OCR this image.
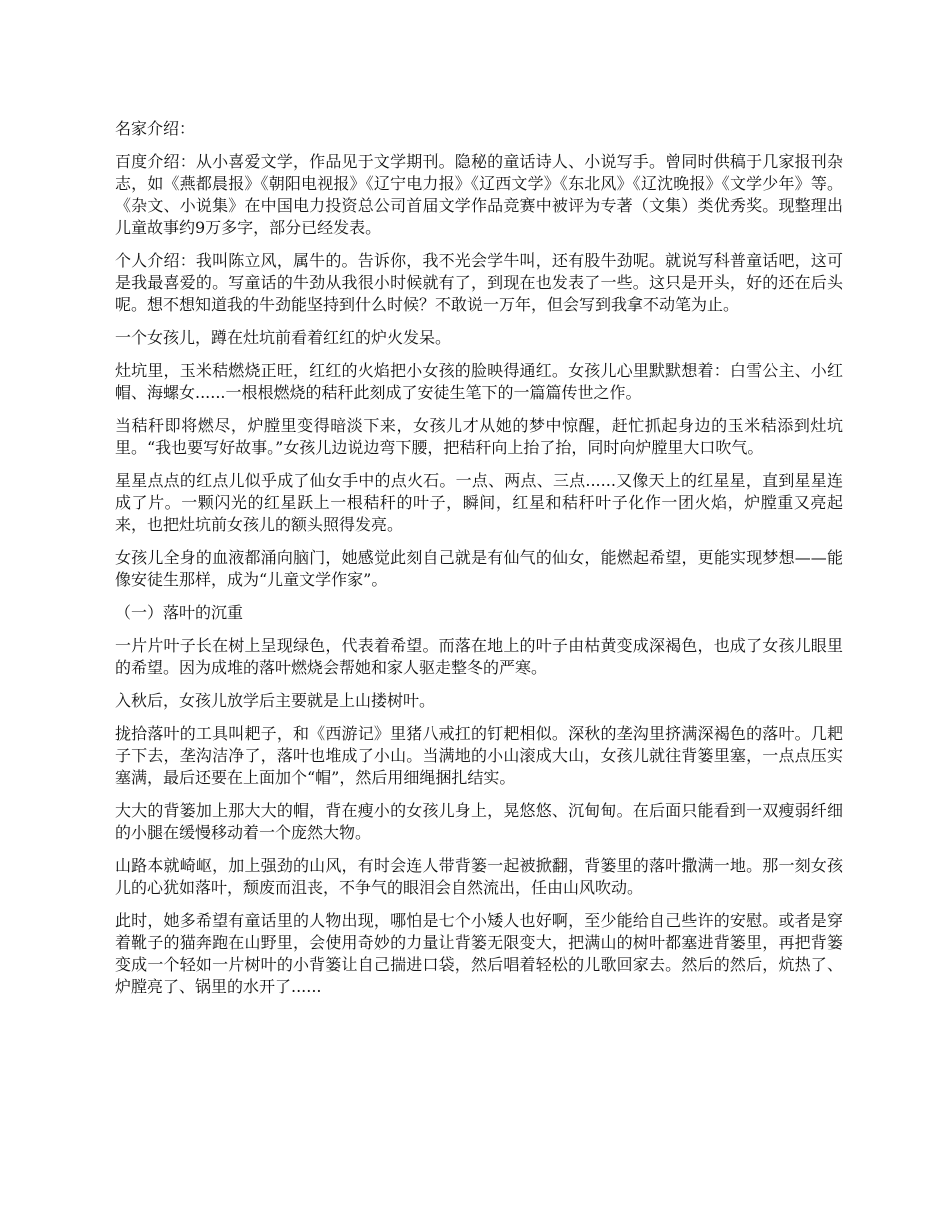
名家介绍：

百度介绍：从小喜爱文学，作品见于文学期刊。隐秘的童话诗人、小说写手。曾同时供稿于几家报刊杂志，如《燕都晨报》《朝阳电视报》《辽宁电力报》《辽西文学》《东北风》《辽沈晚报》《文学少年》等。《杂文、小说集》在中国电力投资总公司首届文学作品竞赛中被评为专著（文集）类优秀奖。现整理出儿童故事约9万多字，部分已经发表。

个人介绍：我叫陈立风，属牛的。告诉你，我不光会学牛叫，还有股牛劲呢。就说写科普童话吧，这可是我最喜爱的。写童话的牛劲从我很小时候就有了，到现在也发表了一些。这只是开头，好的还在后头呢。想不想知道我的牛劲能坚持到什么时候？不敢说一万年，但会写到我拿不动笔为止。

一个女孩儿，蹲在灶坑前看着红红的炉火发呆。

灶坑里，玉米秸燃烧正旺，红红的火焰把小女孩的脸映得通红。女孩儿心里默默想着：白雪公主、小红帽、海螺女......一根根燃烧的秸秆此刻成了安徒生笔下的一篇篇传世之作。

当秸秆即将燃尽，炉膛里变得暗淡下来，女孩儿才从她的梦中惊醒，赶忙抓起身边的玉米秸添到灶坑里。“我也要写好故事。”女孩儿边说边弯下腰，把秸秆向上抬了抬，同时向炉膛里大口吹气。

星星点点的红点儿似乎成了仙女手中的点火石。一点、两点、三点......又像天上的红星星，直到星星连成了片。一颗闪光的红星跃上一根秸秆的叶子，瞬间，红星和秸秆叶子化作一团火焰，炉膛重又亮起来，也把灶坑前女孩儿的额头照得发亮。

女孩儿全身的血液都涌向脑门，她感觉此刻自己就是有仙气的仙女，能燃起希望，更能实现梦想——能像安徒生那样，成为“儿童文学作家”。

（一）落叶的沉重

一片片叶子长在树上呈现绿色，代表着希望。而落在地上的叶子由枯黄变成深褐色，也成了女孩儿眼里的希望。因为成堆的落叶燃烧会帮她和家人驱走整冬的严寒。

入秋后，女孩儿放学后主要就是上山搂树叶。

拢拾落叶的工具叫耙子，和《西游记》里猪八戒扛的钉耙相似。深秋的垄沟里挤满深褐色的落叶。几耙子下去，垄沟洁净了，落叶也堆成了小山。当满地的小山滚成大山，女孩儿就往背篓里塞，一点点压实塞满，最后还要在上面加个“帽”，然后用细绳捆扎结实。

大大的背篓加上那大大的帽，背在瘦小的女孩儿身上，晃悠悠、沉甸甸。在后面只能看到一双瘦弱纤细的小腿在缓慢移动着一个庞然大物。

山路本就崎岖，加上强劲的山风，有时会连人带背篓一起被掀翻，背篓里的落叶撒满一地。那一刻女孩儿的心犹如落叶，颓废而沮丧，不争气的眼泪会自然流出，任由山风吹动。

此时，她多希望有童话里的人物出现，哪怕是七个小矮人也好啊，至少能给自己些许的安慰。或者是穿着靴子的猫奔跑在山野里，会使用奇妙的力量让背篓无限变大，把满山的树叶都塞进背篓里，再把背篓变成一个轻如一片树叶的小背篓让自己揣进口袋，然后唱着轻松的儿歌回家去。然后的然后，炕热了、炉膛亮了、锅里的水开了......
